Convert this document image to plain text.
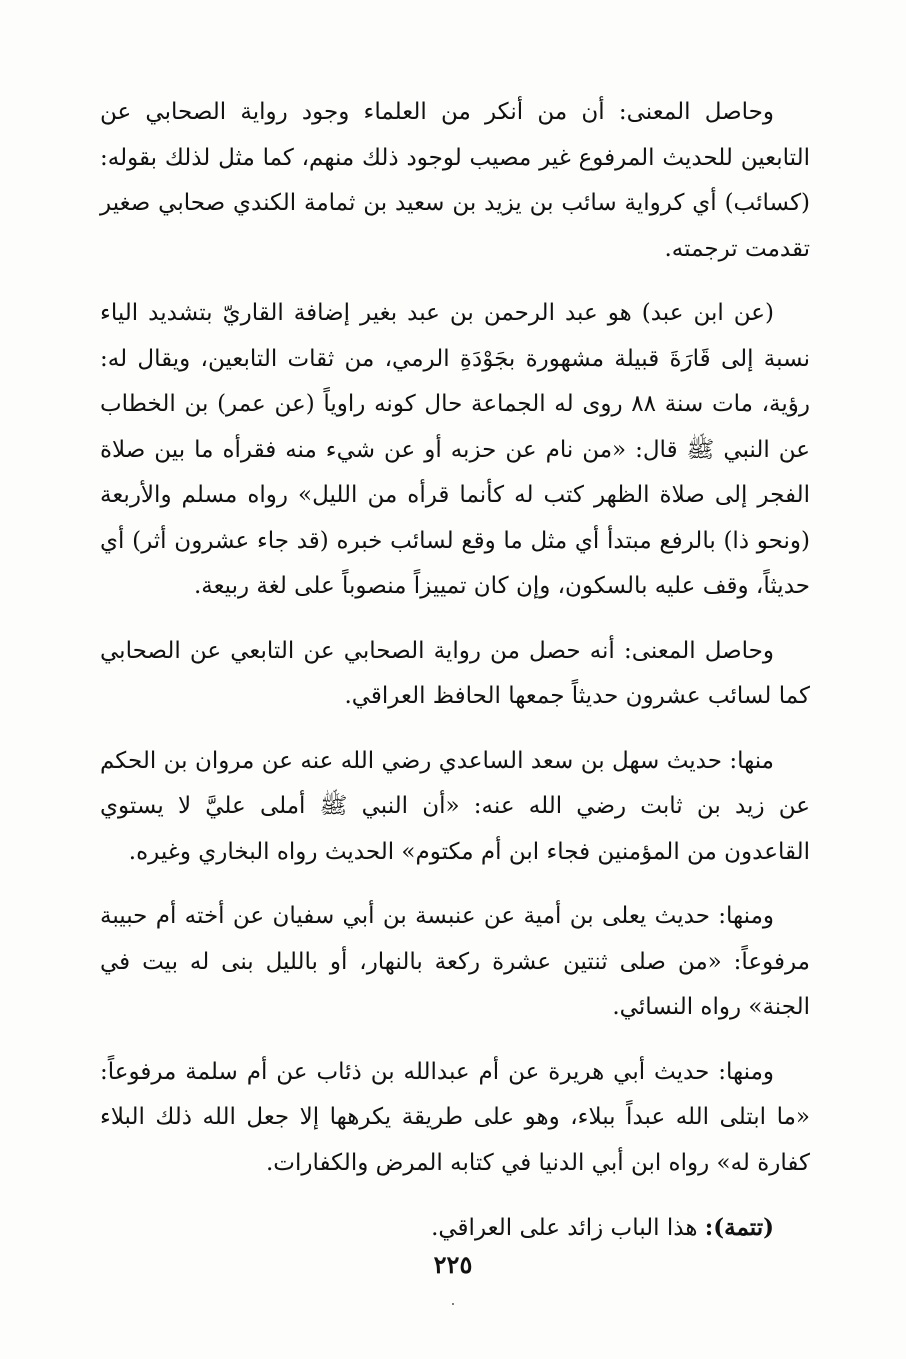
وحاصل المعنى: أن من أنكر من العلماء وجود رواية الصحابي عن التابعين للحديث المرفوع غير مصيب لوجود ذلك منهم، كما مثل لذلك بقوله: (كسائب) أي كرواية سائب بن يزيد بن سعيد بن ثمامة الكندي صحابي صغير تقدمت ترجمته.

(عن ابن عبد) هو عبد الرحمن بن عبد بغير إضافة القاريّ بتشديد الياء نسبة إلى قَارَةَ قبيلة مشهورة بجَوْدَةِ الرمي، من ثقات التابعين، ويقال له: رؤية، مات سنة ٨٨ روى له الجماعة حال كونه راوياً (عن عمر) بن الخطاب عن النبي ﷺ قال: «من نام عن حزبه أو عن شيء منه فقرأه ما بين صلاة الفجر إلى صلاة الظهر كتب له كأنما قرأه من الليل» رواه مسلم والأربعة (ونحو ذا) بالرفع مبتدأ أي مثل ما وقع لسائب خبره (قد جاء عشرون أثر) أي حديثاً، وقف عليه بالسكون، وإن كان تمييزاً منصوباً على لغة ربيعة.

وحاصل المعنى: أنه حصل من رواية الصحابي عن التابعي عن الصحابي كما لسائب عشرون حديثاً جمعها الحافظ العراقي.

منها: حديث سهل بن سعد الساعدي رضي الله عنه عن مروان بن الحكم عن زيد بن ثابت رضي الله عنه: «أن النبي ﷺ أملى عليَّ لا يستوي القاعدون من المؤمنين فجاء ابن أم مكتوم» الحديث رواه البخاري وغيره.

ومنها: حديث يعلى بن أمية عن عنبسة بن أبي سفيان عن أخته أم حبيبة مرفوعاً: «من صلى ثنتين عشرة ركعة بالنهار، أو بالليل بنى له بيت في الجنة» رواه النسائي.

ومنها: حديث أبي هريرة عن أم عبدالله بن ذئاب عن أم سلمة مرفوعاً: «ما ابتلى الله عبداً ببلاء، وهو على طريقة يكرهها إلا جعل الله ذلك البلاء كفارة له» رواه ابن أبي الدنيا في كتابه المرض والكفارات.

(تتمة): هذا الباب زائد على العراقي.

٢٢٥
